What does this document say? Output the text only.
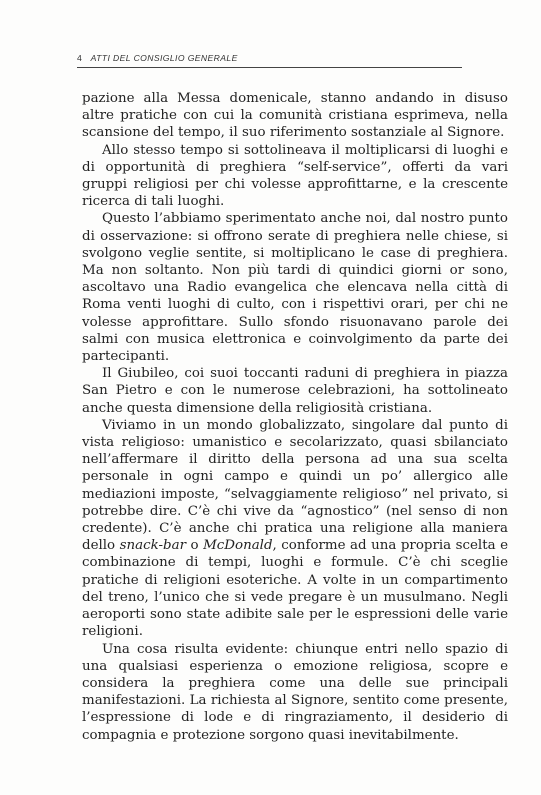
4 ATTI DEL CONSIGLIO GENERALE

pazione alla Messa domenicale, stanno andando in disuso altre pratiche con cui la comunità cristiana esprimeva, nella scansione del tempo, il suo riferimento sostanziale al Signore.

Allo stesso tempo si sottolineava il moltiplicarsi di luoghi e di opportunità di preghiera “self-service”, offerti da vari gruppi religiosi per chi volesse approfittarne, e la crescente ricerca di tali luoghi.

Questo l’abbiamo sperimentato anche noi, dal nostro punto di osservazione: si offrono serate di preghiera nelle chiese, si svolgono veglie sentite, si moltiplicano le case di preghiera. Ma non soltanto. Non più tardi di quindici giorni or sono, ascoltavo una Radio evangelica che elencava nella città di Roma venti luoghi di culto, con i rispettivi orari, per chi ne volesse approfittare. Sullo sfondo risuonavano parole dei salmi con musica elettronica e coinvolgimento da parte dei partecipanti.

Il Giubileo, coi suoi toccanti raduni di preghiera in piazza San Pietro e con le numerose celebrazioni, ha sottolineato anche questa dimensione della religiosità cristiana.

Viviamo in un mondo globalizzato, singolare dal punto di vista religioso: umanistico e secolarizzato, quasi sbilanciato nell’affermare il diritto della persona ad una sua scelta personale in ogni campo e quindi un po’ allergico alle mediazioni imposte, “selvaggiamente religioso” nel privato, si potrebbe dire. C’è chi vive da “agnostico” (nel senso di non credente). C’è anche chi pratica una religione alla maniera dello snack-bar o McDonald, conforme ad una propria scelta e combinazione di tempi, luoghi e formule. C’è chi sceglie pratiche di religioni esoteriche. A volte in un compartimento del treno, l’unico che si vede pregare è un musulmano. Negli aeroporti sono state adibite sale per le espressioni delle varie religioni.

Una cosa risulta evidente: chiunque entri nello spazio di una qualsiasi esperienza o emozione religiosa, scopre e considera la preghiera come una delle sue principali manifestazioni. La richiesta al Signore, sentito come presente, l’espressione di lode e di ringraziamento, il desiderio di compagnia e protezione sorgono quasi inevitabilmente.
